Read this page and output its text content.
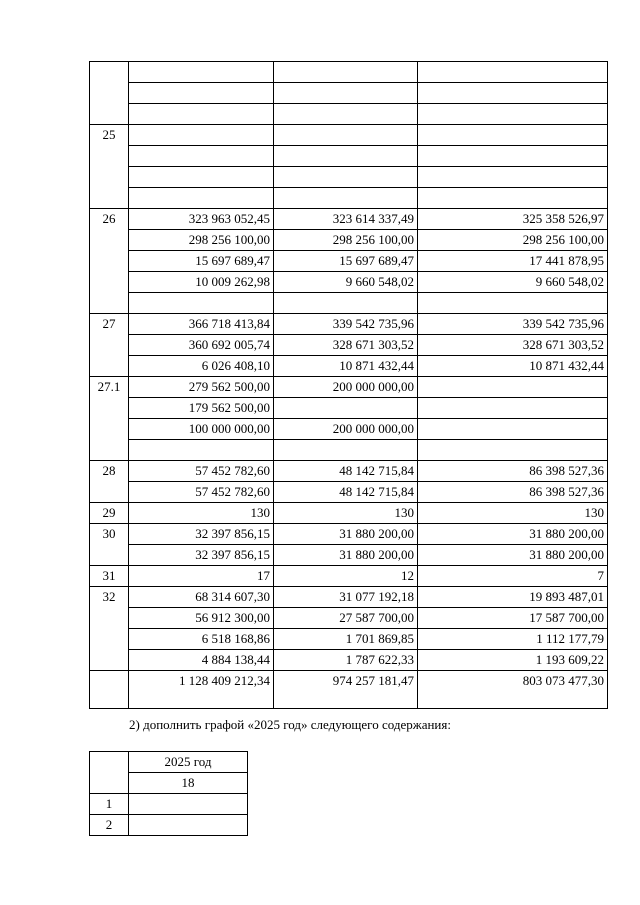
25			

26	323 963 052,45	323 614 337,49	325 358 526,97
	298 256 100,00	298 256 100,00	298 256 100,00
	15 697 689,47	15 697 689,47	17 441 878,95
	10 009 262,98	9 660 548,02	9 660 548,02

27	366 718 413,84	339 542 735,96	339 542 735,96
	360 692 005,74	328 671 303,52	328 671 303,52
	6 026 408,10	10 871 432,44	10 871 432,44
27.1	279 562 500,00	200 000 000,00	
	179 562 500,00		
	100 000 000,00	200 000 000,00	

28	57 452 782,60	48 142 715,84	86 398 527,36
	57 452 782,60	48 142 715,84	86 398 527,36
29	130	130	130
30	32 397 856,15	31 880 200,00	31 880 200,00
	32 397 856,15	31 880 200,00	31 880 200,00
31	17	12	7
32	68 314 607,30	31 077 192,18	19 893 487,01
	56 912 300,00	27 587 700,00	17 587 700,00
	6 518 168,86	1 701 869,85	1 112 177,79
	4 884 138,44	1 787 622,33	1 193 609,22
	1 128 409 212,34	974 257 181,47	803 073 477,30
2) дополнить графой «2025 год» следующего содержания:
	2025 год
	18
1	
2	
